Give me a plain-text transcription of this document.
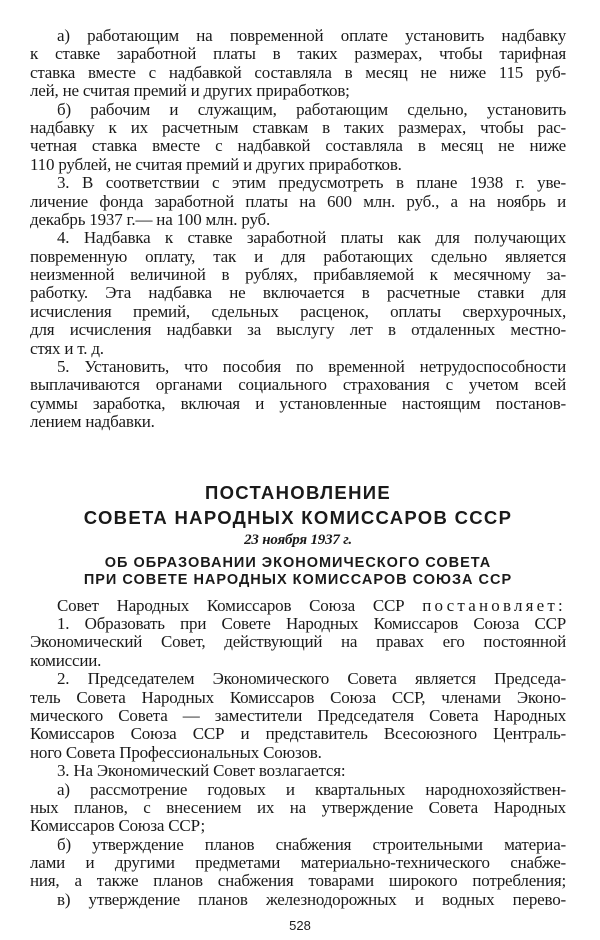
а) работающим на повременной оплате установить надбавку
к ставке заработной платы в таких размерах, чтобы тарифная
ставка вместе с надбавкой составляла в месяц не ниже 115 руб-
лей, не считая премий и других приработков;
б) рабочим и служащим, работающим сдельно, установить
надбавку к их расчетным ставкам в таких размерах, чтобы рас-
четная ставка вместе с надбавкой составляла в месяц не ниже
110 рублей, не считая премий и других приработков.
3. В соответствии с этим предусмотреть в плане 1938 г. уве-
личение фонда заработной платы на 600 млн. руб., а на ноябрь и
декабрь 1937 г.— на 100 млн. руб.
4. Надбавка к ставке заработной платы как для получающих
повременную оплату, так и для работающих сдельно является
неизменной величиной в рублях, прибавляемой к месячному за-
работку. Эта надбавка не включается в расчетные ставки для
исчисления премий, сдельных расценок, оплаты сверхурочных,
для исчисления надбавки за выслугу лет в отдаленных местно-
стях и т. д.
5. Установить, что пособия по временной нетрудоспособности
выплачиваются органами социального страхования с учетом всей
суммы заработка, включая и установленные настоящим постанов-
лением надбавки.
ПОСТАНОВЛЕНИЕ
СОВЕТА НАРОДНЫХ КОМИССАРОВ СССР
23 ноября 1937 г.
ОБ ОБРАЗОВАНИИ ЭКОНОМИЧЕСКОГО СОВЕТА
ПРИ СОВЕТЕ НАРОДНЫХ КОМИССАРОВ СОЮЗА ССР
Совет Народных Комиссаров Союза ССР постановляет:
1. Образовать при Совете Народных Комиссаров Союза ССР
Экономический Совет, действующий на правах его постоянной
комиссии.
2. Председателем Экономического Совета является Председа-
тель Совета Народных Комиссаров Союза ССР, членами Эконо-
мического Совета — заместители Председателя Совета Народных
Комиссаров Союза ССР и представитель Всесоюзного Централь-
ного Совета Профессиональных Союзов.
3. На Экономический Совет возлагается:
а) рассмотрение годовых и квартальных народнохозяйствен-
ных планов, с внесением их на утверждение Совета Народных
Комиссаров Союза ССР;
б) утверждение планов снабжения строительными материа-
лами и другими предметами материально-технического снабже-
ния, а также планов снабжения товарами широкого потребления;
в) утверждение планов железнодорожных и водных перево-
528
